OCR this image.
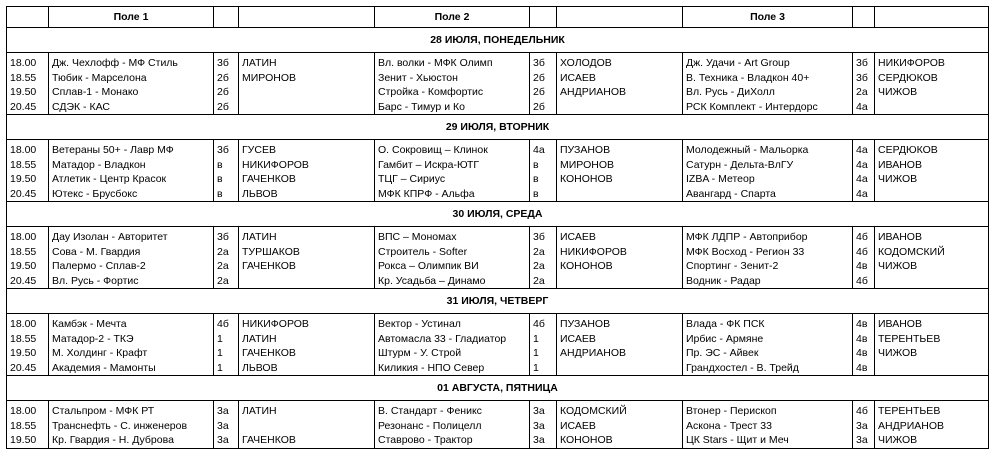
	Поле 1			Поле 2			Поле 3		
28 ИЮЛЯ, ПОНЕДЕЛЬНИК									
18.00	Дж. Чехлофф - МФ Стиль	3б	ЛАТИН	Вл. волки - МФК Олимп	3б	ХОЛОДОВ	Дж. Удачи - Art Group	3б	НИКИФОРОВ
18.55	Тюбик - Марселона	2б	МИРОНОВ	Зенит - Хьюстон	2б	ИСАЕВ	В. Техника - Владкон 40+	3б	СЕРДЮКОВ
19.50	Сплав-1 - Монако	2б		Стройка - Комфортис	2б	АНДРИАНОВ	Вл. Русь - ДиХолл	2а	ЧИЖОВ
20.45	СДЭК - КАС	2б		Барс - Тимур и Ко	2б		РСК Комплект - Интердорс	4а	
29 ИЮЛЯ, ВТОРНИК									
18.00	Ветераны 50+ - Лавр МФ	3б	ГУСЕВ	О. Сокровищ – Клинок	4а	ПУЗАНОВ	Молодежный - Мальорка	4а	СЕРДЮКОВ
18.55	Матадор - Владкон	в	НИКИФОРОВ	Гамбит – Искра-ЮТГ	в	МИРОНОВ	Сатурн - Дельта-ВлГУ	4а	ИВАНОВ
19.50	Атлетик - Центр Красок	в	ГАЧЕНКОВ	ТЦГ – Сириус	в	КОНОНОВ	IZBA - Метеор	4а	ЧИЖОВ
20.45	Ютекс - Брусбокс	в	ЛЬВОВ	МФК КПРФ - Альфа	в		Авангард - Спарта	4а	
30 ИЮЛЯ, СРЕДА									
18.00	Дау Изолан - Авторитет	3б	ЛАТИН	ВПС – Мономах	3б	ИСАЕВ	МФК ЛДПР - Автоприбор	4б	ИВАНОВ
18.55	Сова - М. Гвардия	2а	ТУРШАКОВ	Строитель - Softer	2а	НИКИФОРОВ	МФК Восход - Регион 33	4б	КОДОМСКИЙ
19.50	Палермо - Сплав-2	2а	ГАЧЕНКОВ	Рокса – Олимпик ВИ	2а	КОНОНОВ	Спортинг - Зенит-2	4в	ЧИЖОВ
20.45	Вл. Русь - Фортис	2а		Кр. Усадьба – Динамо	2а		Водник - Радар	4б	
31 ИЮЛЯ, ЧЕТВЕРГ									
18.00	Камбэк - Мечта	4б	НИКИФОРОВ	Вектор - Устинал	4б	ПУЗАНОВ	Влада - ФК ПСК	4в	ИВАНОВ
18.55	Матадор-2 - ТКЭ	1	ЛАТИН	Автомасла 33 - Гладиатор	1	ИСАЕВ	Ирбис - Армяне	4в	ТЕРЕНТЬЕВ
19.50	М. Холдинг - Крафт	1	ГАЧЕНКОВ	Штурм - У. Строй	1	АНДРИАНОВ	Пр. ЭС - Айвек	4в	ЧИЖОВ
20.45	Академия - Мамонты	1	ЛЬВОВ	Киликия - НПО Север	1		Грандхостел - В. Трейд	4в	
01 АВГУСТА, ПЯТНИЦА									
18.00	Стальпром - МФК РТ	3а	ЛАТИН	В. Стандарт - Феникс	3а	КОДОМСКИЙ	Втонер - Перископ	4б	ТЕРЕНТЬЕВ
18.55	Транснефть - С. инженеров	3а		Резонанс - Полицелл	3а	ИСАЕВ	Аскона - Трест 33	3а	АНДРИАНОВ
19.50	Кр. Гвардия - Н. Дуброва	3а	ГАЧЕНКОВ	Ставрово - Трактор	3а	КОНОНОВ	ЦК Stars - Щит и Меч	3а	ЧИЖОВ
